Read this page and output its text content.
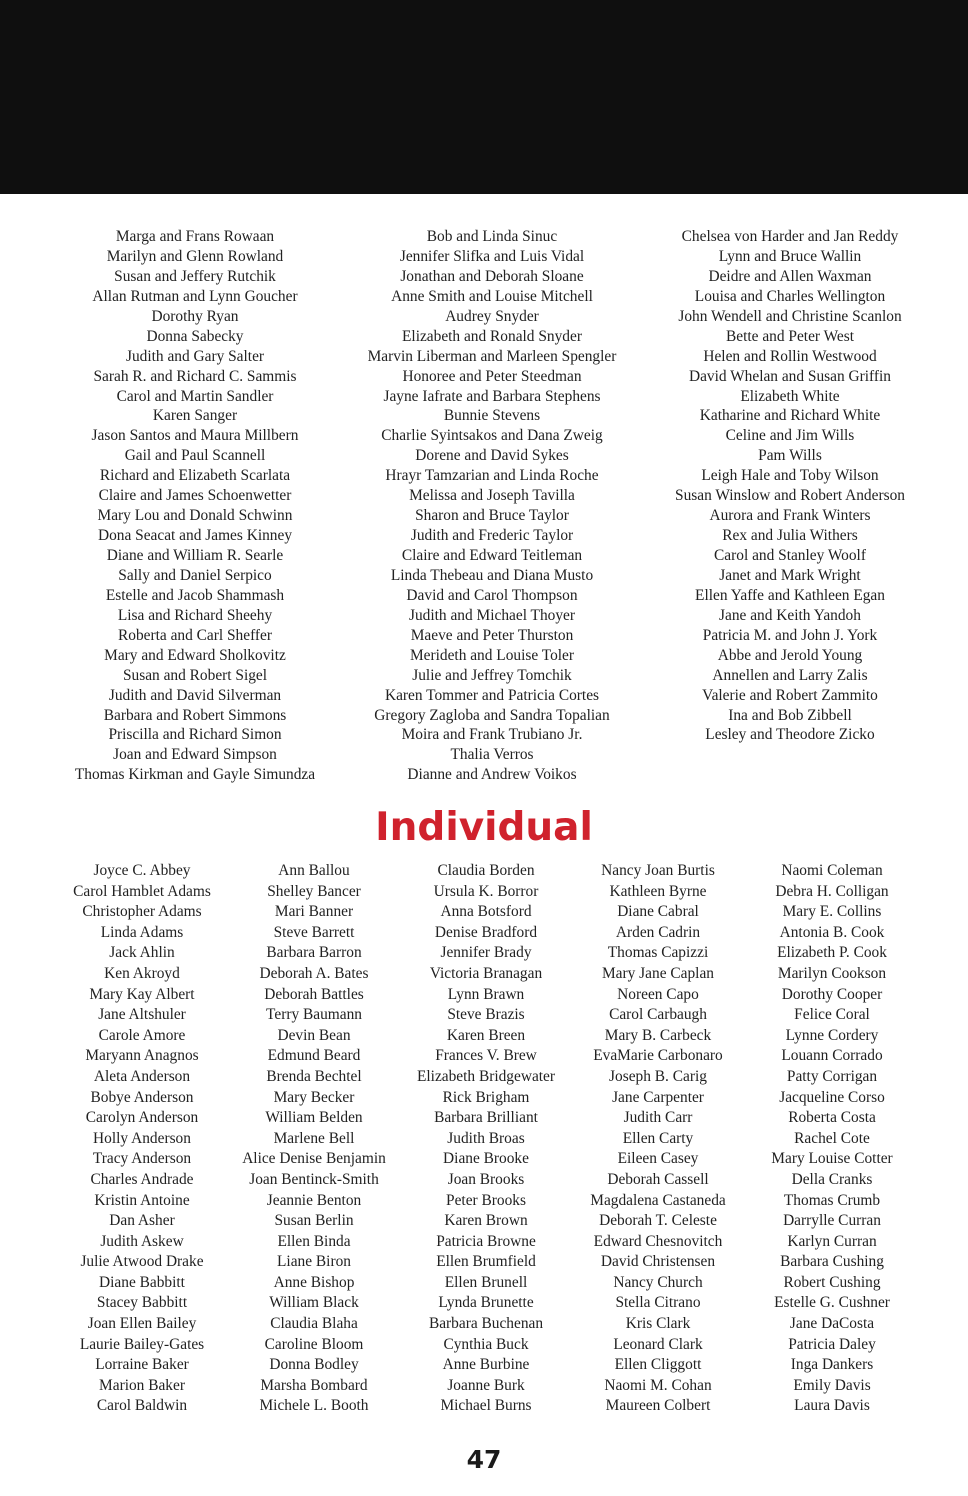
Marga and Frans Rowaan
Marilyn and Glenn Rowland
Susan and Jeffery Rutchik
Allan Rutman and Lynn Goucher
Dorothy Ryan
Donna Sabecky
Judith and Gary Salter
Sarah R. and Richard C. Sammis
Carol and Martin Sandler
Karen Sanger
Jason Santos and Maura Millbern
Gail and Paul Scannell
Richard and Elizabeth Scarlata
Claire and James Schoenwetter
Mary Lou and Donald Schwinn
Dona Seacat and James Kinney
Diane and William R. Searle
Sally and Daniel Serpico
Estelle and Jacob Shammash
Lisa and Richard Sheehy
Roberta and Carl Sheffer
Mary and Edward Sholkovitz
Susan and Robert Sigel
Judith and David Silverman
Barbara and Robert Simmons
Priscilla and Richard Simon
Joan and Edward Simpson
Thomas Kirkman and Gayle Simundza
Bob and Linda Sinuc
Jennifer Slifka and Luis Vidal
Jonathan and Deborah Sloane
Anne Smith and Louise Mitchell
Audrey Snyder
Elizabeth and Ronald Snyder
Marvin Liberman and Marleen Spengler
Honoree and Peter Steedman
Jayne Iafrate and Barbara Stephens
Bunnie Stevens
Charlie Syintsakos and Dana Zweig
Dorene and David Sykes
Hrayr Tamzarian and Linda Roche
Melissa and Joseph Tavilla
Sharon and Bruce Taylor
Judith and Frederic Taylor
Claire and Edward Teitleman
Linda Thebeau and Diana Musto
David and Carol Thompson
Judith and Michael Thoyer
Maeve and Peter Thurston
Merideth and Louise Toler
Julie and Jeffrey Tomchik
Karen Tommer and Patricia Cortes
Gregory Zagloba and Sandra Topalian
Moira and Frank Trubiano Jr.
Thalia Verros
Dianne and Andrew Voikos
Chelsea von Harder and Jan Reddy
Lynn and Bruce Wallin
Deidre and Allen Waxman
Louisa and Charles Wellington
John Wendell and Christine Scanlon
Bette and Peter West
Helen and Rollin Westwood
David Whelan and Susan Griffin
Elizabeth White
Katharine and Richard White
Celine and Jim Wills
Pam Wills
Leigh Hale and Toby Wilson
Susan Winslow and Robert Anderson
Aurora and Frank Winters
Rex and Julia Withers
Carol and Stanley Woolf
Janet and Mark Wright
Ellen Yaffe and Kathleen Egan
Jane and Keith Yandoh
Patricia M. and John J. York
Abbe and Jerold Young
Annellen and Larry Zalis
Valerie and Robert Zammito
Ina and Bob Zibbell
Lesley and Theodore Zicko
Individual
Joyce C. Abbey
Carol Hamblet Adams
Christopher Adams
Linda Adams
Jack Ahlin
Ken Akroyd
Mary Kay Albert
Jane Altshuler
Carole Amore
Maryann Anagnos
Aleta Anderson
Bobye Anderson
Carolyn Anderson
Holly Anderson
Tracy Anderson
Charles Andrade
Kristin Antoine
Dan Asher
Judith Askew
Julie Atwood Drake
Diane Babbitt
Stacey Babbitt
Joan Ellen Bailey
Laurie Bailey-Gates
Lorraine Baker
Marion Baker
Carol Baldwin
Ann Ballou
Shelley Bancer
Mari Banner
Steve Barrett
Barbara Barron
Deborah A. Bates
Deborah Battles
Terry Baumann
Devin Bean
Edmund Beard
Brenda Bechtel
Mary Becker
William Belden
Marlene Bell
Alice Denise Benjamin
Joan Bentinck-Smith
Jeannie Benton
Susan Berlin
Ellen Binda
Liane Biron
Anne Bishop
William Black
Claudia Blaha
Caroline Bloom
Donna Bodley
Marsha Bombard
Michele L. Booth
Claudia Borden
Ursula K. Borror
Anna Botsford
Denise Bradford
Jennifer Brady
Victoria Branagan
Lynn Brawn
Steve Brazis
Karen Breen
Frances V. Brew
Elizabeth Bridgewater
Rick Brigham
Barbara Brilliant
Judith Broas
Diane Brooke
Joan Brooks
Peter Brooks
Karen Brown
Patricia Browne
Ellen Brumfield
Ellen Brunell
Lynda Brunette
Barbara Buchenan
Cynthia Buck
Anne Burbine
Joanne Burk
Michael Burns
Nancy Joan Burtis
Kathleen Byrne
Diane Cabral
Arden Cadrin
Thomas Capizzi
Mary Jane Caplan
Noreen Capo
Carol Carbaugh
Mary B. Carbeck
EvaMarie Carbonaro
Joseph B. Carig
Jane Carpenter
Judith Carr
Ellen Carty
Eileen Casey
Deborah Cassell
Magdalena Castaneda
Deborah T. Celeste
Edward Chesnovitch
David Christensen
Nancy Church
Stella Citrano
Kris Clark
Leonard Clark
Ellen Cliggott
Naomi M. Cohan
Maureen Colbert
Naomi Coleman
Debra H. Colligan
Mary E. Collins
Antonia B. Cook
Elizabeth P. Cook
Marilyn Cookson
Dorothy Cooper
Felice Coral
Lynne Cordery
Louann Corrado
Patty Corrigan
Jacqueline Corso
Roberta Costa
Rachel Cote
Mary Louise Cotter
Della Cranks
Thomas Crumb
Darrylle Curran
Karlyn Curran
Barbara Cushing
Robert Cushing
Estelle G. Cushner
Jane DaCosta
Patricia Daley
Inga Dankers
Emily Davis
Laura Davis
47
